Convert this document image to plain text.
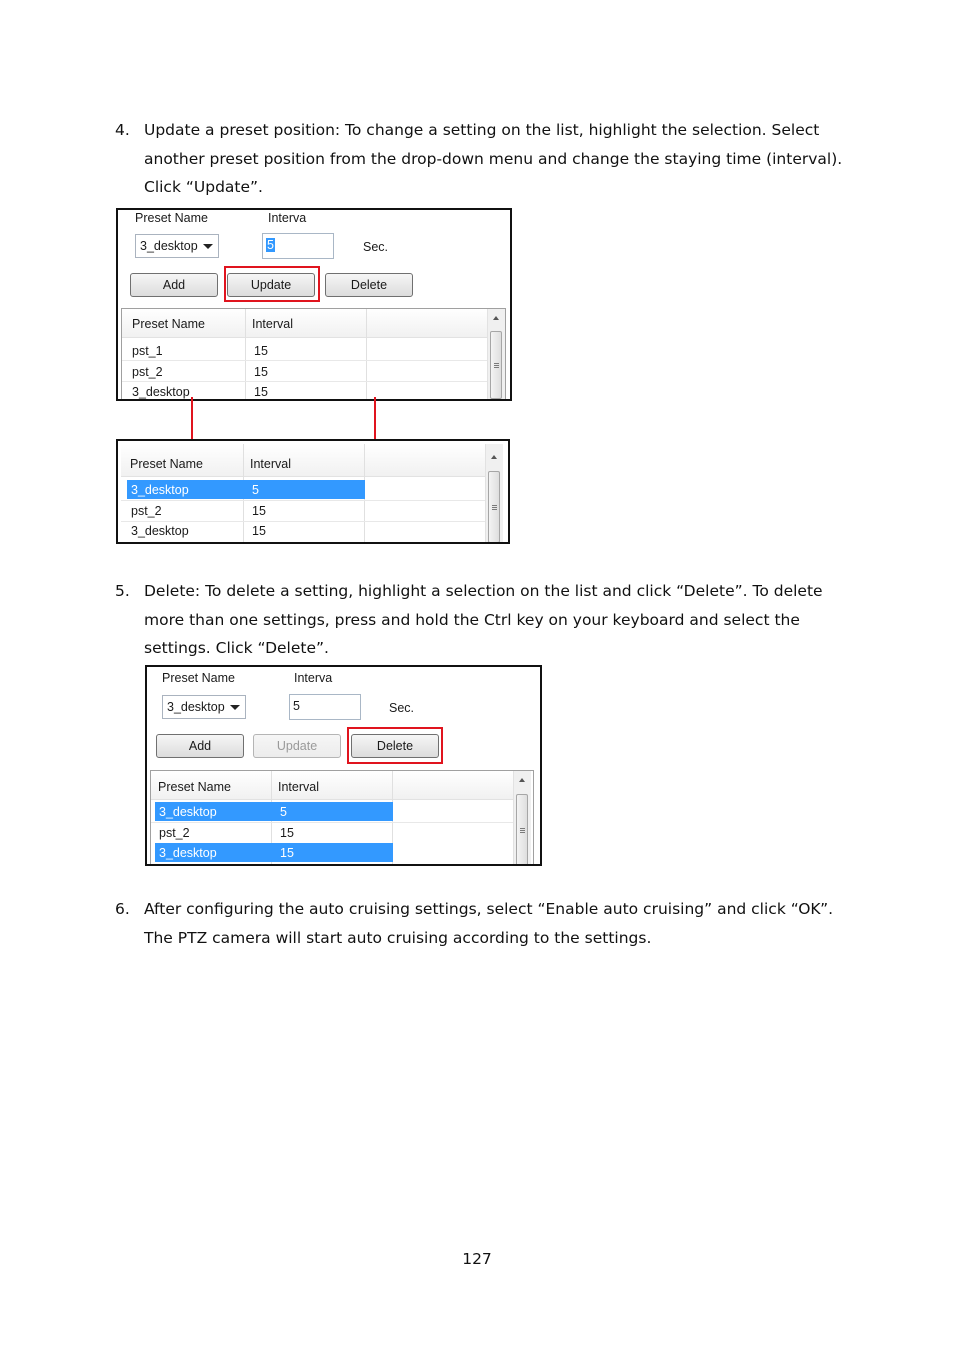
4. Update a preset position: To change a setting on the list, highlight the selection. Select another preset position from the drop-down menu and change the staying time (interval). Click “Update”.
Preset Name	Interva
3_desktop	5	Sec.
Add	Update	Delete
Preset Name	Interval
pst_1	15
pst_2	15
3_desktop	15
Preset Name	Interval
3_desktop	5
pst_2	15
3_desktop	15
5. Delete: To delete a setting, highlight a selection on the list and click “Delete”. To delete more than one settings, press and hold the Ctrl key on your keyboard and select the settings. Click “Delete”.
Preset Name	Interva
3_desktop	5	Sec.
Add	Update	Delete
Preset Name	Interval
3_desktop	5
pst_2	15
3_desktop	15
6. After configuring the auto cruising settings, select “Enable auto cruising” and click “OK”. The PTZ camera will start auto cruising according to the settings.
127
